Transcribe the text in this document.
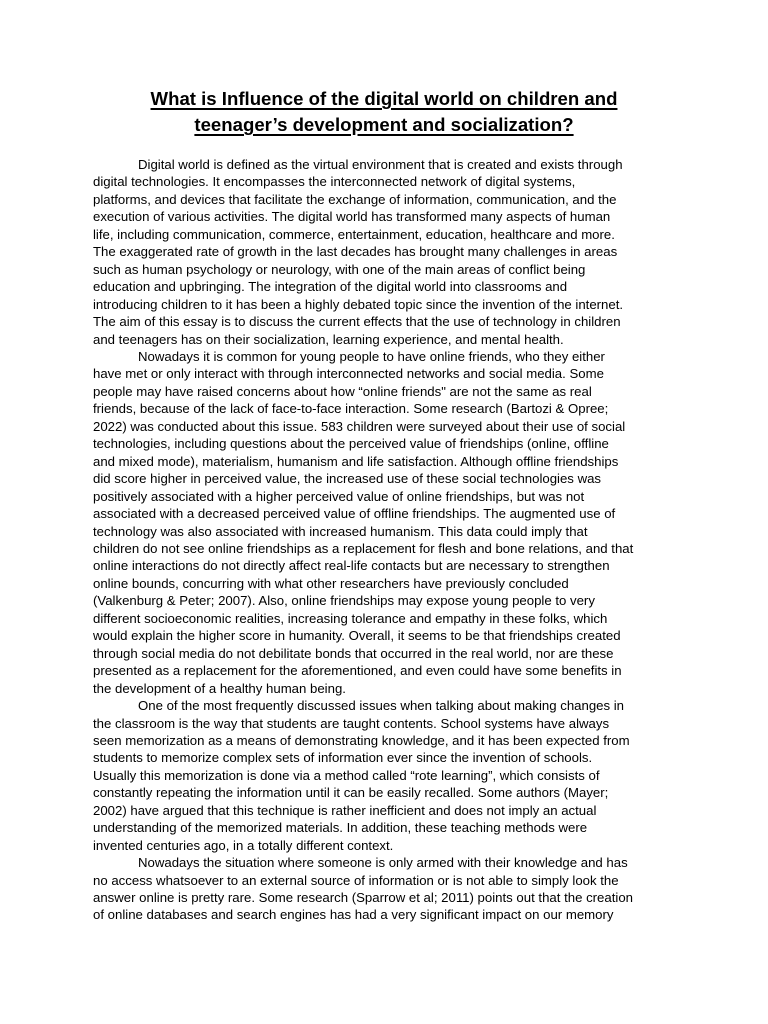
What is Influence of the digital world on children and
teenager’s development and socialization?

Digital world is defined as the virtual environment that is created and exists through
digital technologies. It encompasses the interconnected network of digital systems,
platforms, and devices that facilitate the exchange of information, communication, and the
execution of various activities. The digital world has transformed many aspects of human
life, including communication, commerce, entertainment, education, healthcare and more.
The exaggerated rate of growth in the last decades has brought many challenges in areas
such as human psychology or neurology, with one of the main areas of conflict being
education and upbringing. The integration of the digital world into classrooms and
introducing children to it has been a highly debated topic since the invention of the internet.
The aim of this essay is to discuss the current effects that the use of technology in children
and teenagers has on their socialization, learning experience, and mental health.

Nowadays it is common for young people to have online friends, who they either
have met or only interact with through interconnected networks and social media. Some
people may have raised concerns about how “online friends" are not the same as real
friends, because of the lack of face-to-face interaction. Some research (Bartozi & Opree;
2022) was conducted about this issue. 583 children were surveyed about their use of social
technologies, including questions about the perceived value of friendships (online, offline
and mixed mode), materialism, humanism and life satisfaction. Although offline friendships
did score higher in perceived value, the increased use of these social technologies was
positively associated with a higher perceived value of online friendships, but was not
associated with a decreased perceived value of offline friendships. The augmented use of
technology was also associated with increased humanism. This data could imply that
children do not see online friendships as a replacement for flesh and bone relations, and that
online interactions do not directly affect real-life contacts but are necessary to strengthen
online bounds, concurring with what other researchers have previously concluded
(Valkenburg & Peter; 2007). Also, online friendships may expose young people to very
different socioeconomic realities, increasing tolerance and empathy in these folks, which
would explain the higher score in humanity. Overall, it seems to be that friendships created
through social media do not debilitate bonds that occurred in the real world, nor are these
presented as a replacement for the aforementioned, and even could have some benefits in
the development of a healthy human being.

One of the most frequently discussed issues when talking about making changes in
the classroom is the way that students are taught contents. School systems have always
seen memorization as a means of demonstrating knowledge, and it has been expected from
students to memorize complex sets of information ever since the invention of schools.
Usually this memorization is done via a method called “rote learning”, which consists of
constantly repeating the information until it can be easily recalled. Some authors (Mayer;
2002) have argued that this technique is rather inefficient and does not imply an actual
understanding of the memorized materials. In addition, these teaching methods were
invented centuries ago, in a totally different context.

Nowadays the situation where someone is only armed with their knowledge and has
no access whatsoever to an external source of information or is not able to simply look the
answer online is pretty rare. Some research (Sparrow et al; 2011) points out that the creation
of online databases and search engines has had a very significant impact on our memory
